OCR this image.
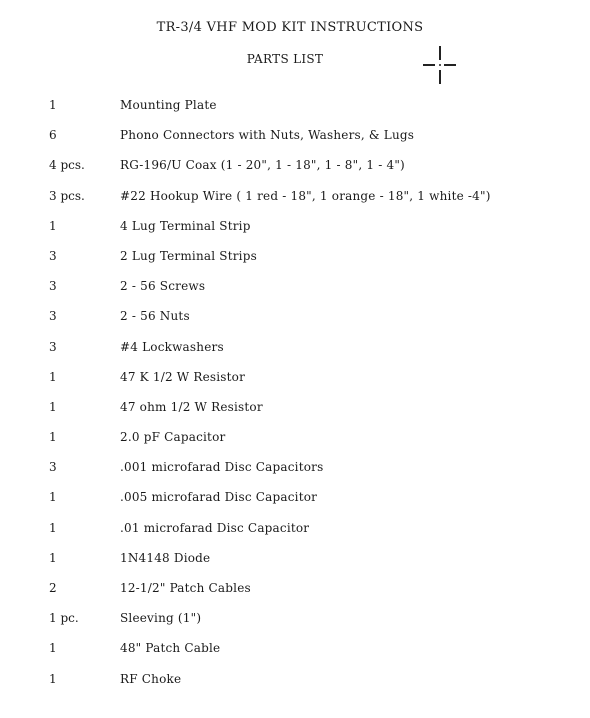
TR-3/4 VHF MOD KIT INSTRUCTIONS
PARTS LIST
1	Mounting Plate
6	Phono Connectors with Nuts, Washers, & Lugs
4 pcs.	RG-196/U Coax (1 - 20", 1 - 18", 1 - 8", 1 - 4")
3 pcs.	#22 Hookup Wire ( 1 red - 18", 1 orange - 18", 1 white -4")
1	4 Lug Terminal Strip
3	2 Lug Terminal Strips
3	2 - 56 Screws
3	2 - 56 Nuts
3	#4 Lockwashers
1	47 K 1/2 W Resistor
1	47 ohm 1/2 W Resistor
1	2.0 pF Capacitor
3	.001 microfarad Disc Capacitors
1	.005 microfarad Disc Capacitor
1	.01 microfarad Disc Capacitor
1	1N4148 Diode
2	12-1/2" Patch Cables
1 pc.	Sleeving (1")
1	48" Patch Cable
1	RF Choke
